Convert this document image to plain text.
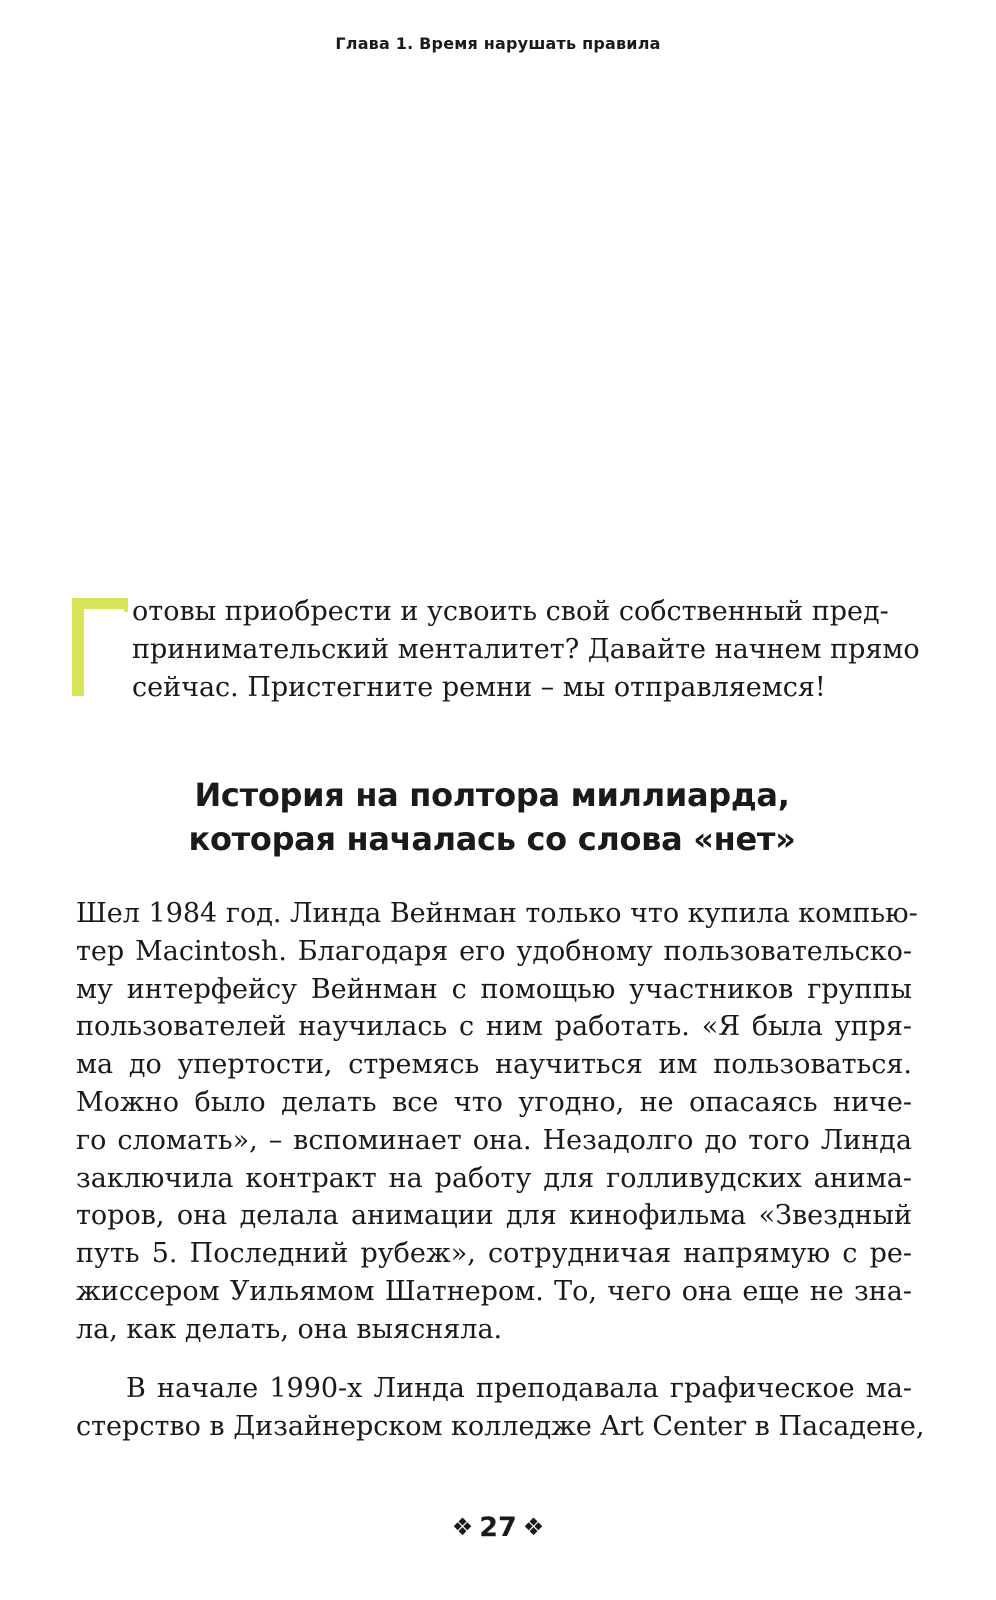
Глава 1. Время нарушать правила
отовы приобрести и усвоить свой собственный пред-
принимательский менталитет? Давайте начнем прямо
сейчас. Пристегните ремни – мы отправляемся!
История на полтора миллиарда,
которая началась со слова «нет»
Шел 1984 год. Линда Вейнман только что купила компью-
тер Macintosh. Благодаря его удобному пользовательско-
му интерфейсу Вейнман с помощью участников группы
пользователей научилась с ним работать. «Я была упря-
ма до упертости, стремясь научиться им пользоваться.
Можно было делать все что угодно, не опасаясь ниче-
го сломать», – вспоминает она. Незадолго до того Линда
заключила контракт на работу для голливудских анима-
торов, она делала анимации для кинофильма «Звездный
путь 5. Последний рубеж», сотрудничая напрямую с ре-
жиссером Уильямом Шатнером. То, чего она еще не зна-
ла, как делать, она выясняла.
В начале 1990-х Линда преподавала графическое ма-
стерство в Дизайнерском колледже Art Center в Пасадене,
❖ 27 ❖
